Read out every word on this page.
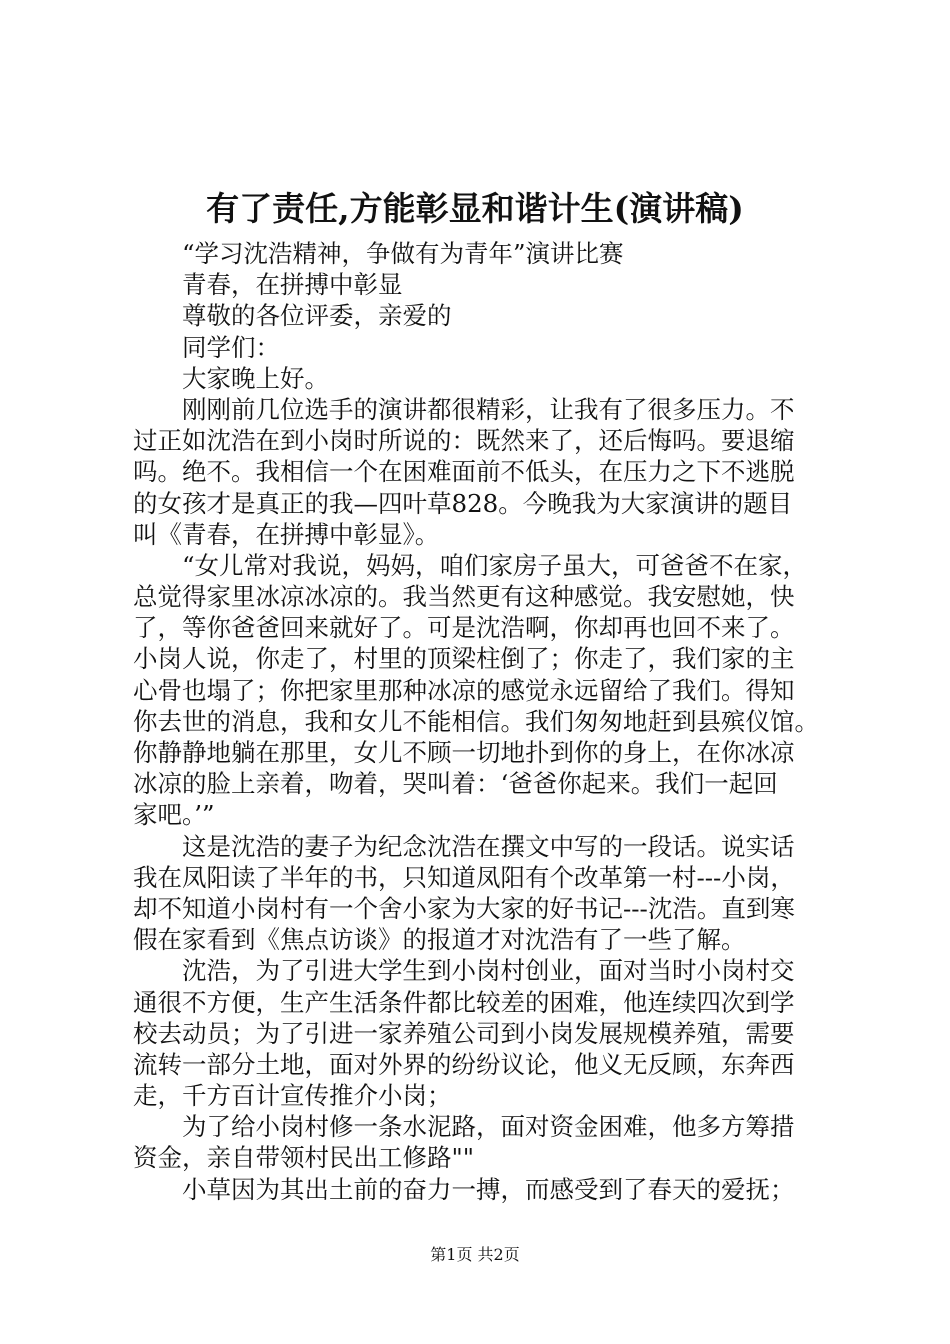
有了责任,方能彰显和谐计生(演讲稿)

“学习沈浩精神，争做有为青年”演讲比赛

青春，在拼搏中彰显

尊敬的各位评委，亲爱的

同学们：

大家晚上好。

刚刚前几位选手的演讲都很精彩，让我有了很多压力。不

过正如沈浩在到小岗时所说的：既然来了，还后悔吗。要退缩

吗。绝不。我相信一个在困难面前不低头，在压力之下不逃脱

的女孩才是真正的我—四叶草828。今晚我为大家演讲的题目

叫《青春，在拼搏中彰显》。

“女儿常对我说，妈妈，咱们家房子虽大，可爸爸不在家，

总觉得家里冰凉冰凉的。我当然更有这种感觉。我安慰她，快

了，等你爸爸回来就好了。可是沈浩啊，你却再也回不来了。

小岗人说，你走了，村里的顶梁柱倒了；你走了，我们家的主

心骨也塌了；你把家里那种冰凉的感觉永远留给了我们。得知

你去世的消息，我和女儿不能相信。我们匆匆地赶到县殡仪馆。

你静静地躺在那里，女儿不顾一切地扑到你的身上，在你冰凉

冰凉的脸上亲着，吻着，哭叫着：‘爸爸你起来。我们一起回

家吧。’”

这是沈浩的妻子为纪念沈浩在撰文中写的一段话。说实话

我在凤阳读了半年的书，只知道凤阳有个改革第一村---小岗，

却不知道小岗村有一个舍小家为大家的好书记---沈浩。直到寒

假在家看到《焦点访谈》的报道才对沈浩有了一些了解。

沈浩，为了引进大学生到小岗村创业，面对当时小岗村交

通很不方便，生产生活条件都比较差的困难，他连续四次到学

校去动员；为了引进一家养殖公司到小岗发展规模养殖，需要

流转一部分土地，面对外界的纷纷议论，他义无反顾，东奔西

走，千方百计宣传推介小岗；

为了给小岗村修一条水泥路，面对资金困难，他多方筹措

资金，亲自带领村民出工修路""

小草因为其出土前的奋力一搏，而感受到了春天的爱抚；

第1页 共2页
